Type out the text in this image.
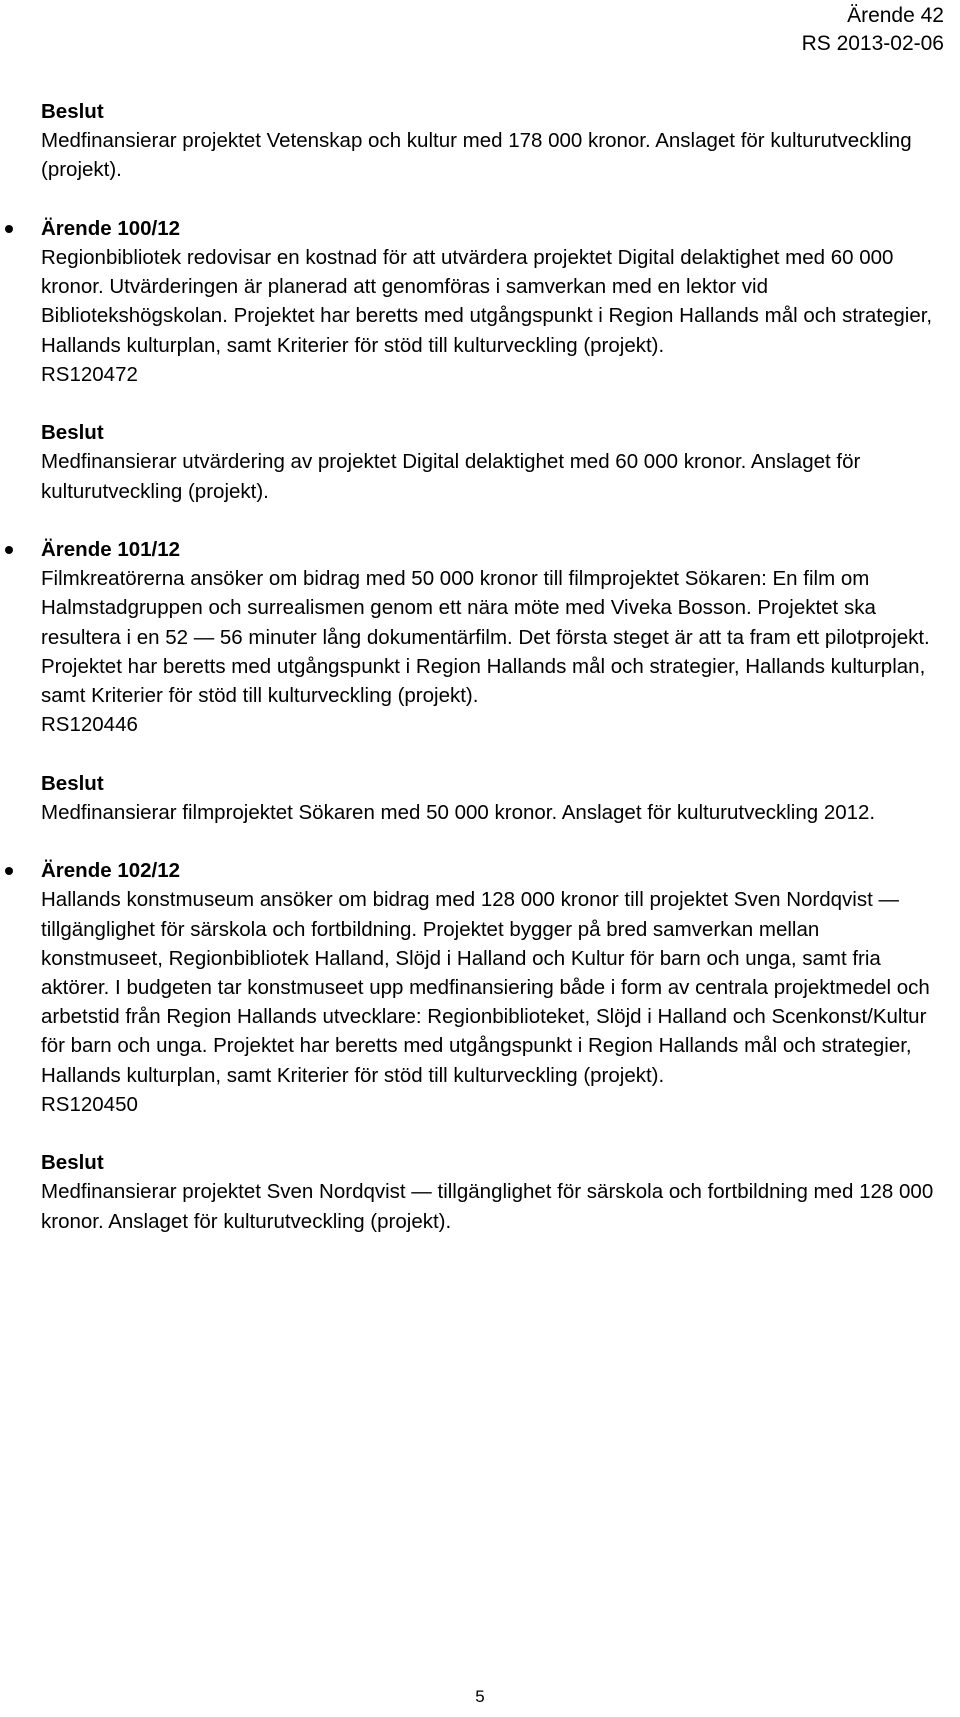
Ärende 42
RS 2013-02-06

Beslut

Medfinansierar projektet Vetenskap och kultur med 178 000 kronor. Anslaget för kulturutveckling (projekt).

Ärende 100/12

Regionbibliotek redovisar en kostnad för att utvärdera projektet Digital delaktighet med 60 000 kronor. Utvärderingen är planerad att genomföras i samverkan med en lektor vid Bibliotekshögskolan. Projektet har beretts med utgångspunkt i Region Hallands mål och strategier, Hallands kulturplan, samt Kriterier för stöd till kulturveckling (projekt).

RS120472

Beslut

Medfinansierar utvärdering av projektet Digital delaktighet med 60 000 kronor. Anslaget för kulturutveckling (projekt).

Ärende 101/12

Filmkreatörerna ansöker om bidrag med 50 000 kronor till filmprojektet Sökaren: En film om Halmstadgruppen och surrealismen genom ett nära möte med Viveka Bosson. Projektet ska resultera i en 52 — 56 minuter lång dokumentärfilm. Det första steget är att ta fram ett pilotprojekt. Projektet har beretts med utgångspunkt i Region Hallands mål och strategier, Hallands kulturplan, samt Kriterier för stöd till kulturveckling (projekt).

RS120446

Beslut

Medfinansierar filmprojektet Sökaren med 50 000 kronor. Anslaget för kulturutveckling 2012.

Ärende 102/12

Hallands konstmuseum ansöker om bidrag med 128 000 kronor till projektet Sven Nordqvist — tillgänglighet för särskola och fortbildning. Projektet bygger på bred samverkan mellan konstmuseet, Regionbibliotek Halland, Slöjd i Halland och Kultur för barn och unga, samt fria aktörer. I budgeten tar konstmuseet upp medfinansiering både i form av centrala projektmedel och arbetstid från Region Hallands utvecklare: Regionbiblioteket, Slöjd i Halland och Scenkonst/Kultur för barn och unga. Projektet har beretts med utgångspunkt i Region Hallands mål och strategier, Hallands kulturplan, samt Kriterier för stöd till kulturveckling (projekt).

RS120450

Beslut

Medfinansierar projektet Sven Nordqvist — tillgänglighet för särskola och fortbildning med 128 000 kronor. Anslaget för kulturutveckling (projekt).

5
